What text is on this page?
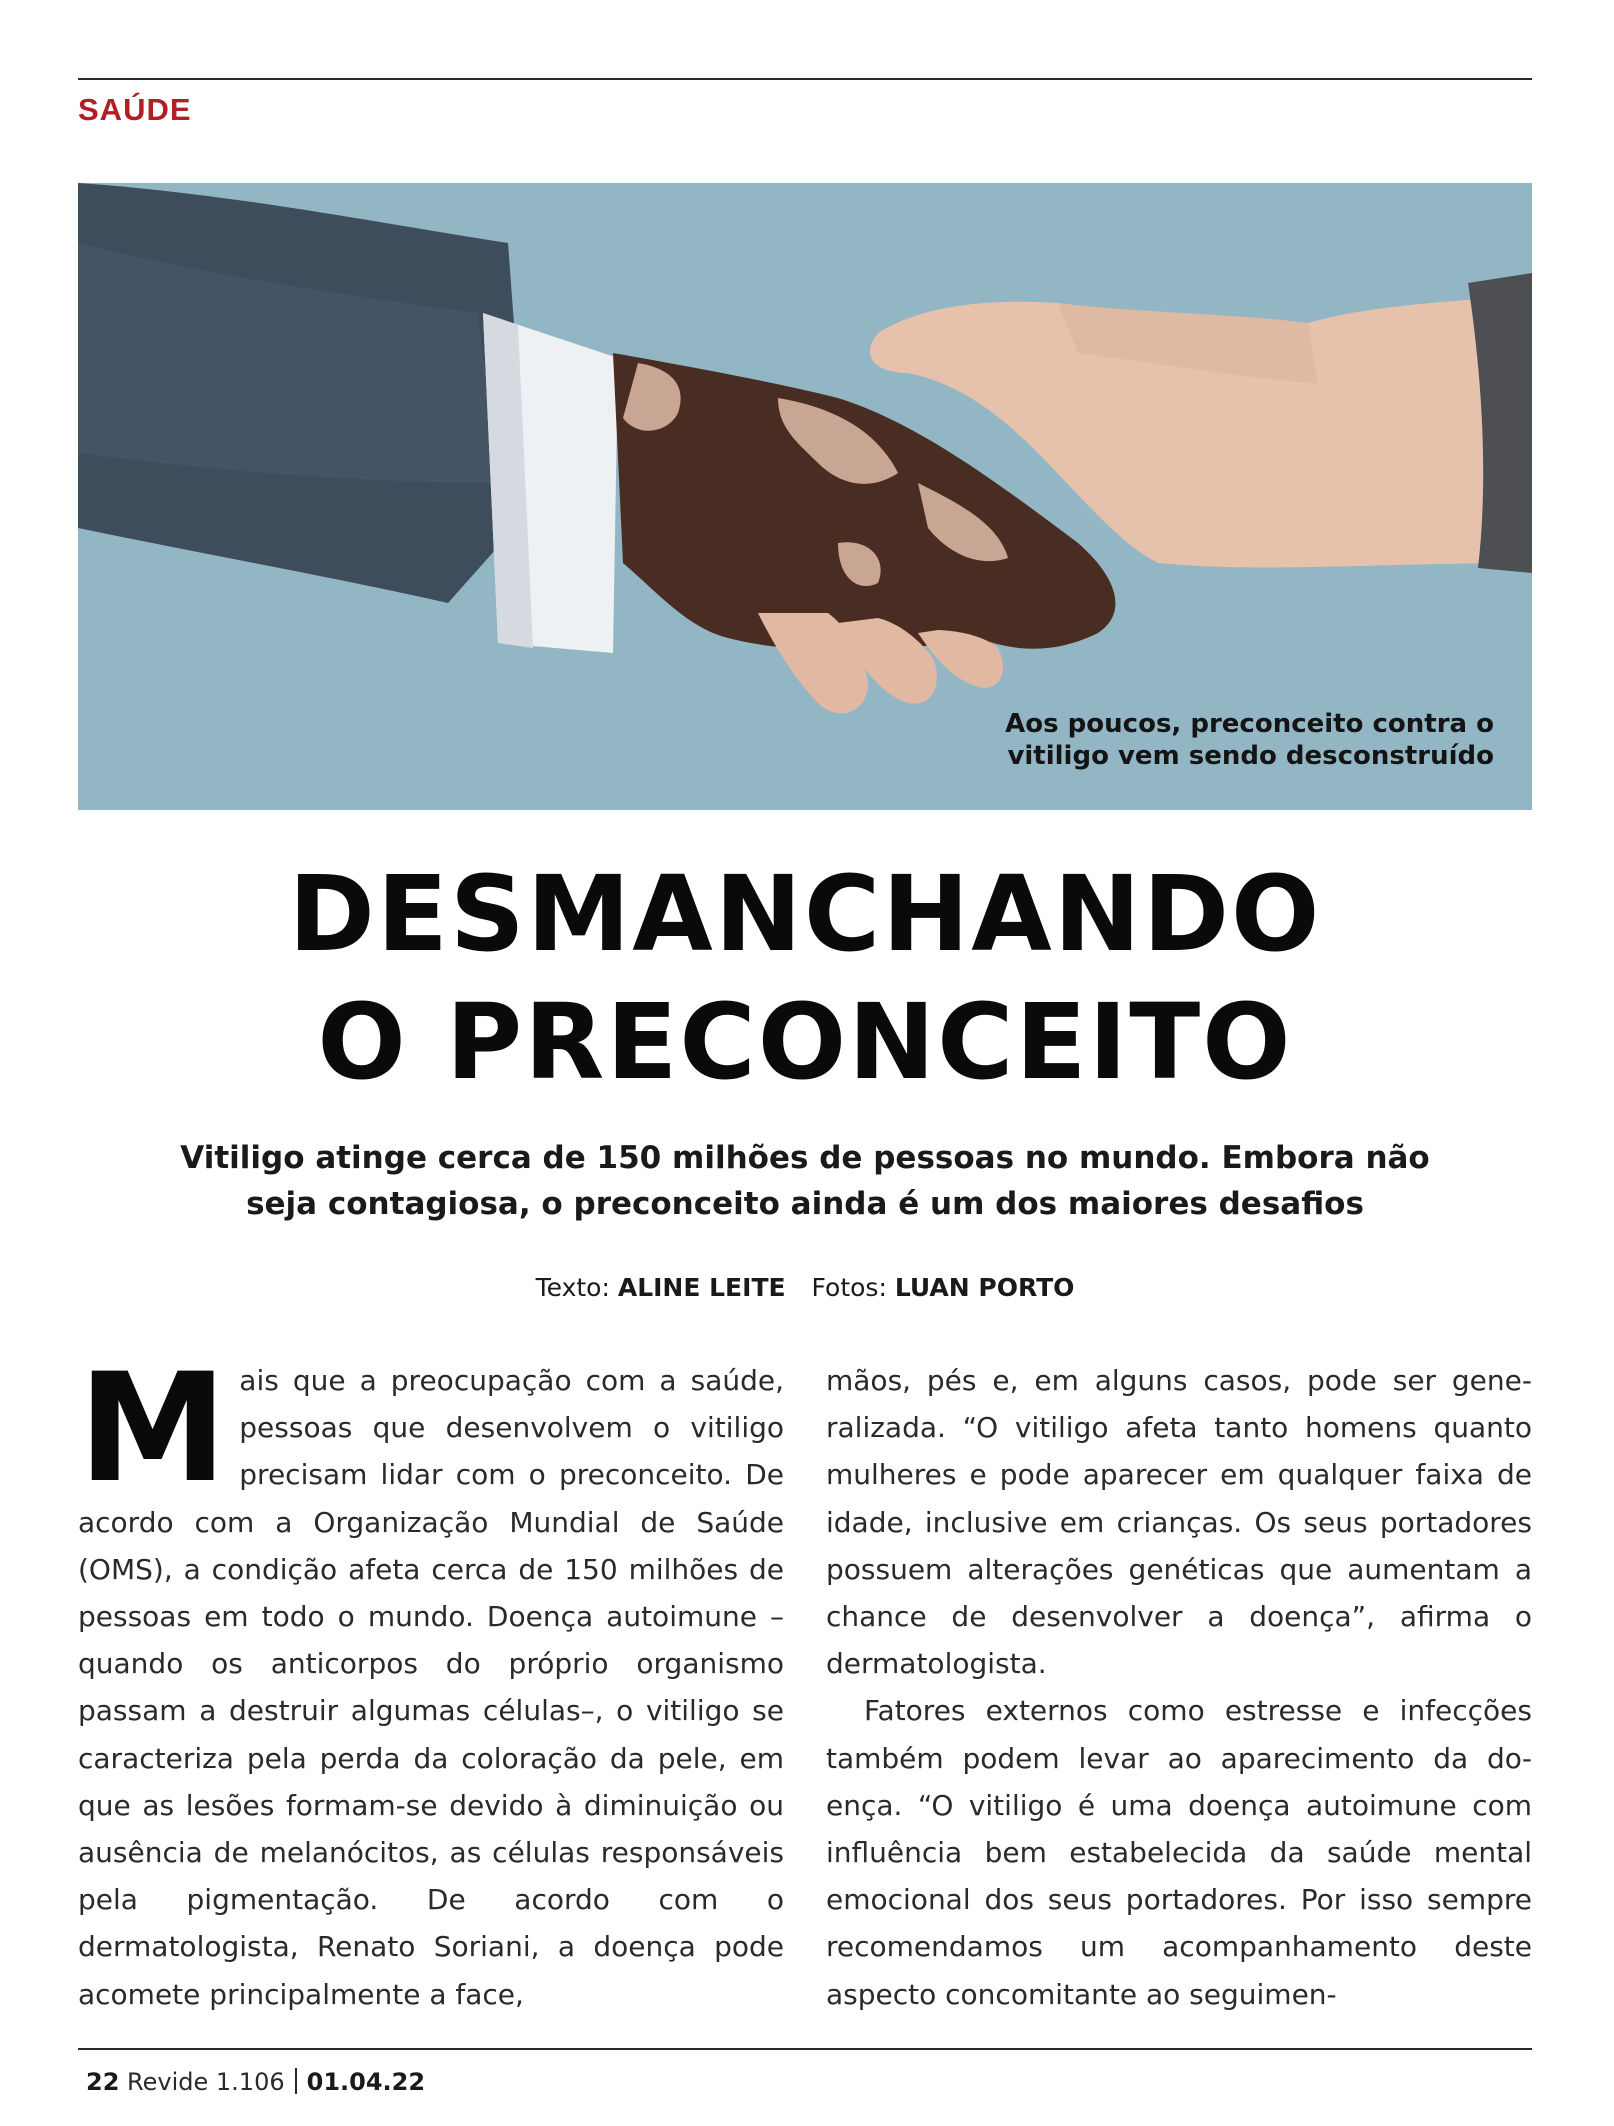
SAÚDE
Aos poucos, preconceito contra o vitiligo vem sendo desconstruído
DESMANCHANDO
O PRECONCEITO
Vitiligo atinge cerca de 150 milhões de pessoas no mundo. Embora não seja contagiosa, o preconceito ainda é um dos maiores desafios
Texto: ALINE LEITE Fotos: LUAN PORTO

M ais que a preocupação com a saúde, pessoas que desenvolvem o vitiligo precisam lidar com o preconceito. De acordo com a Organização Mundial de Saúde (OMS), a condição afeta cerca de 150 milhões de pessoas em todo o mundo. Doença autoimune – quando os anticorpos do próprio organismo passam a destruir algumas células–, o vitiligo se caracteriza pela perda da coloração da pele, em que as lesões formam-se devido à diminuição ou ausência de melanócitos, as células responsáveis pela pigmentação. De acordo com o dermatologista, Renato Soriani, a doença pode acomete principalmente a face,

mãos, pés e, em alguns casos, pode ser generalizada. “O vitiligo afeta tanto homens quanto mulheres e pode aparecer em qualquer faixa de idade, inclusive em crianças. Os seus portadores possuem alterações genéticas que aumentam a chance de desenvolver a doença”, afirma o dermatologista.

Fatores externos como estresse e infecções também podem levar ao aparecimento da doença. “O vitiligo é uma doença autoimune com influência bem estabelecida da saúde mental emocional dos seus portadores. Por isso sempre recomendamos um acompanhamento deste aspecto concomitante ao seguimen-

22 Revide 1.106 01.04.22
